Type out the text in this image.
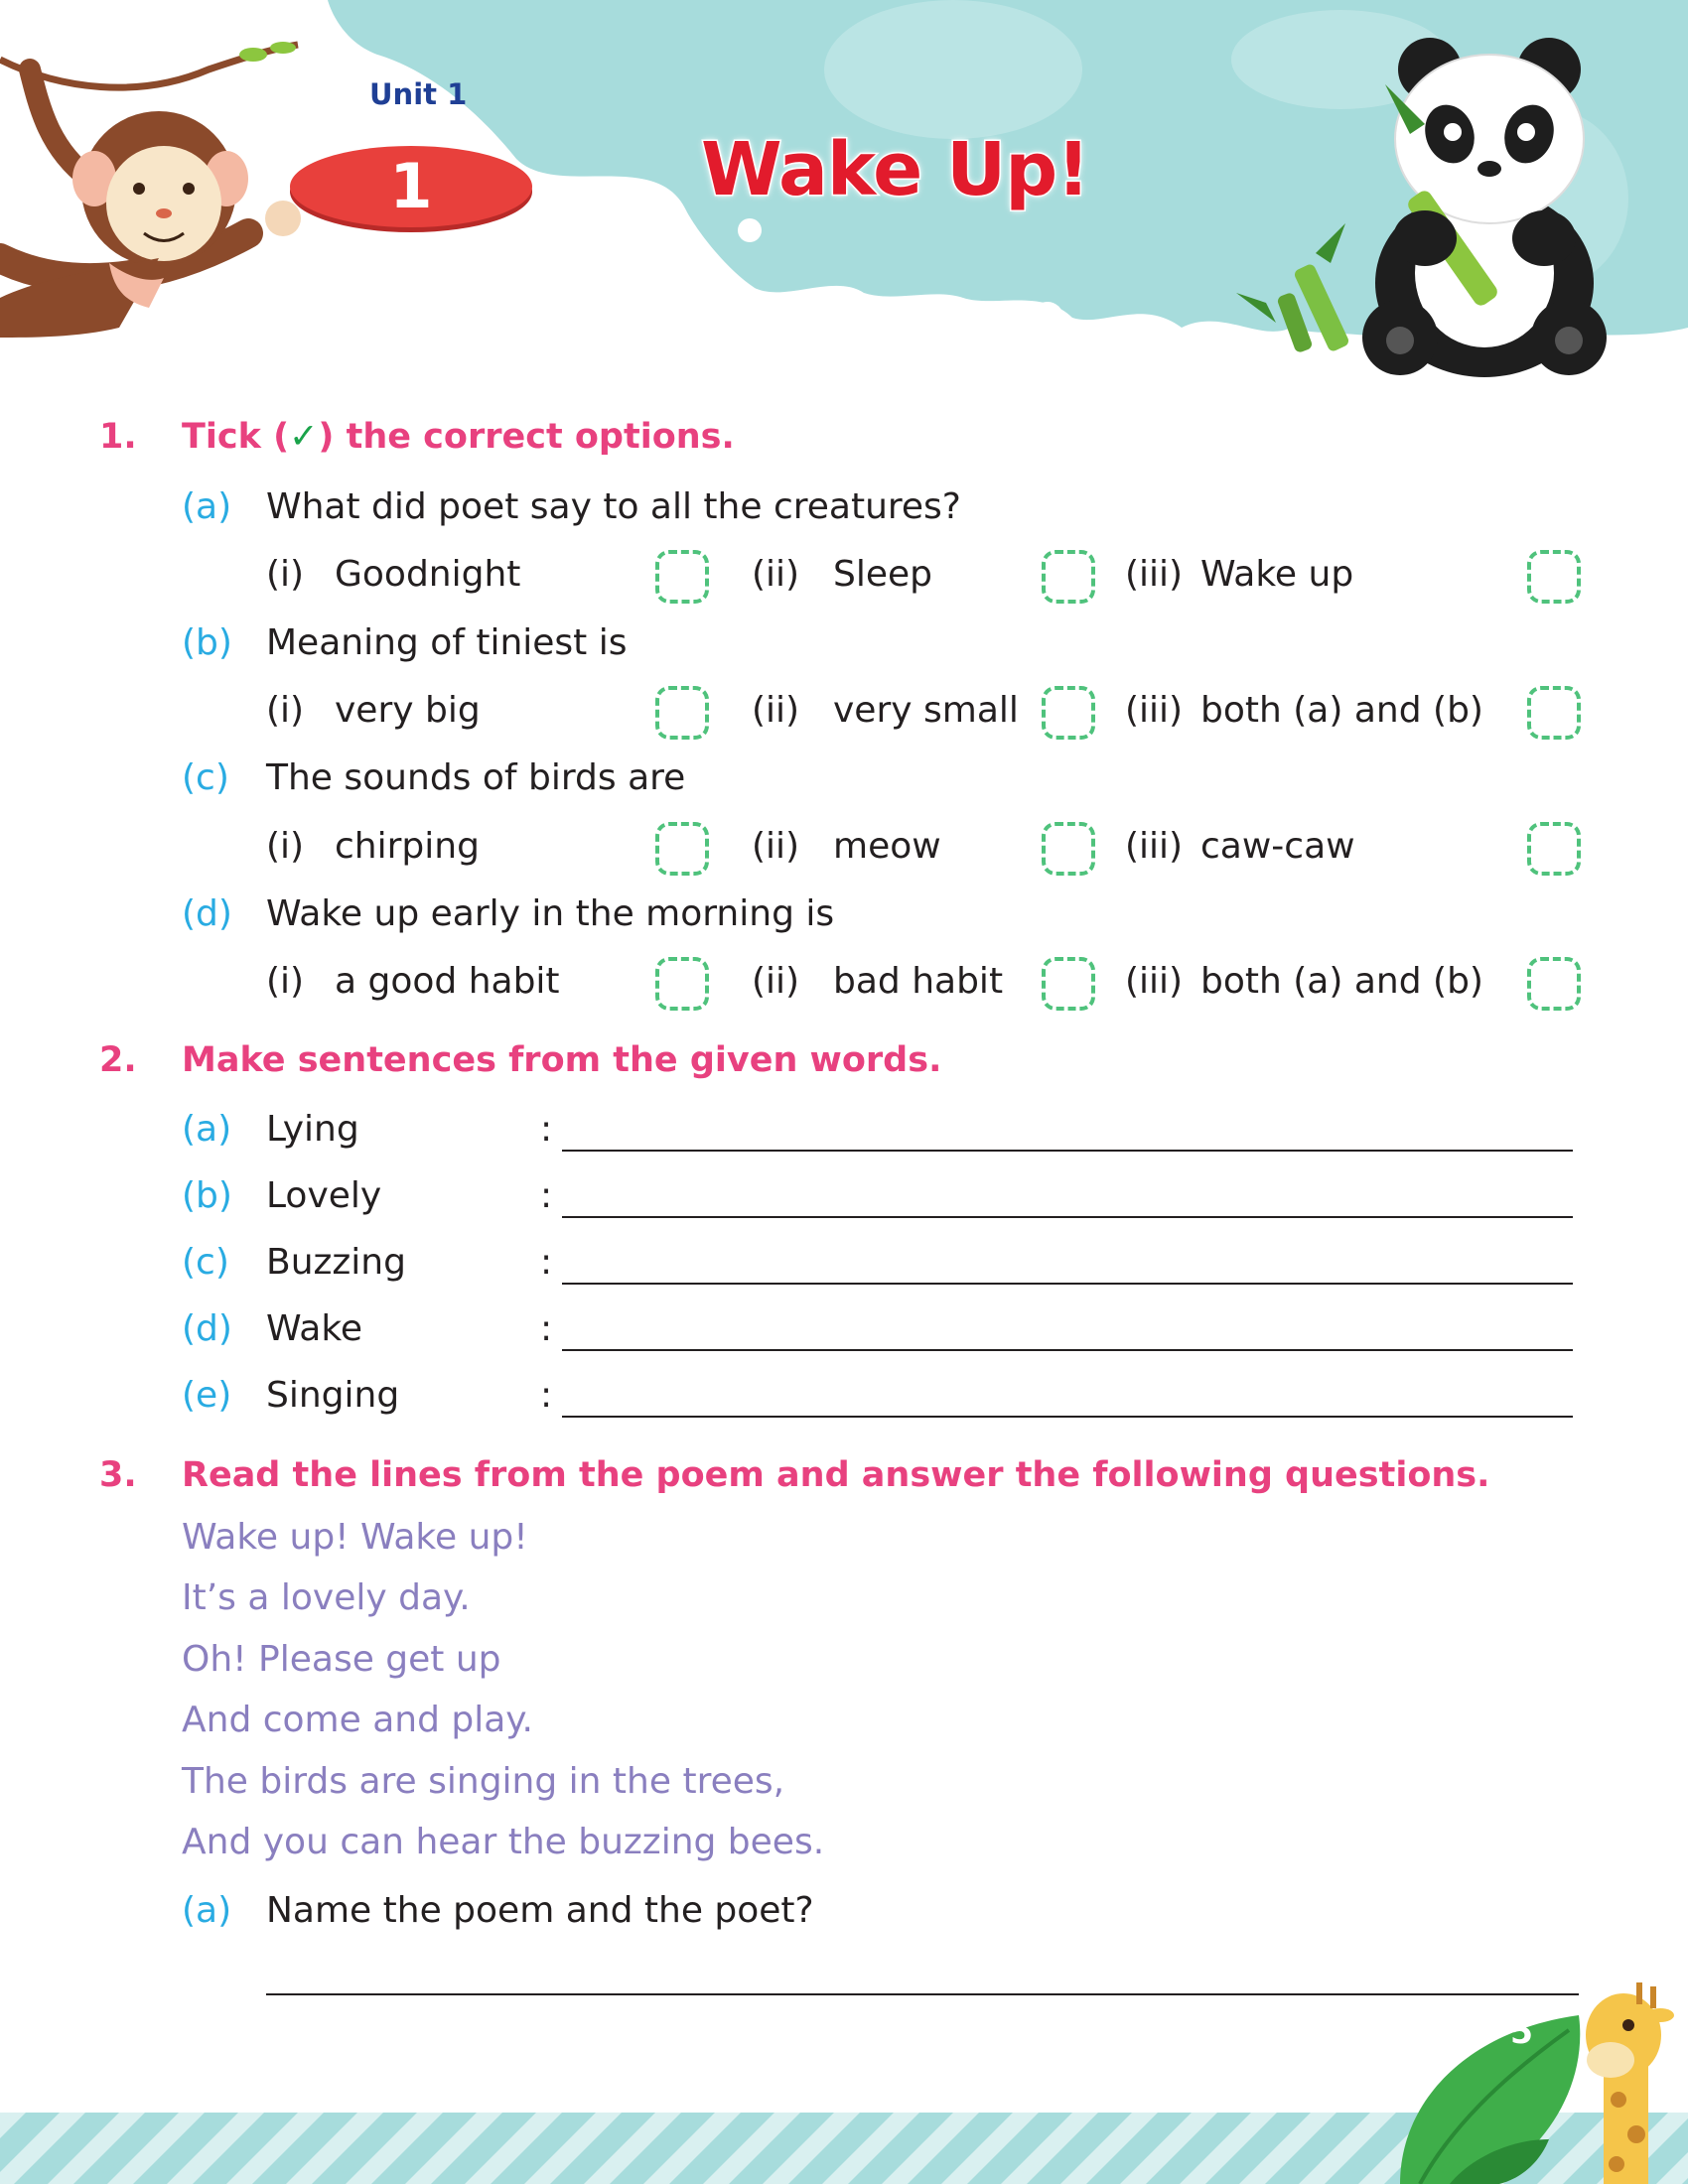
Unit 1
1	Wake Up!
1. Tick (✓) the correct options.
(a) What did poet say to all the creatures?
(i) Goodnight	(ii) Sleep	(iii) Wake up
(b) Meaning of tiniest is
(i) very big	(ii) very small	(iii) both (a) and (b)
(c) The sounds of birds are
(i) chirping	(ii) meow	(iii) caw-caw
(d) Wake up early in the morning is
(i) a good habit	(ii) bad habit	(iii) both (a) and (b)
2. Make sentences from the given words.
(a) Lying	:
(b) Lovely	:
(c) Buzzing	:
(d) Wake	:
(e) Singing	:
3. Read the lines from the poem and answer the following questions.
Wake up! Wake up!
It’s a lovely day.
Oh! Please get up
And come and play.
The birds are singing in the trees,
And you can hear the buzzing bees.
(a) Name the poem and the poet?
5
